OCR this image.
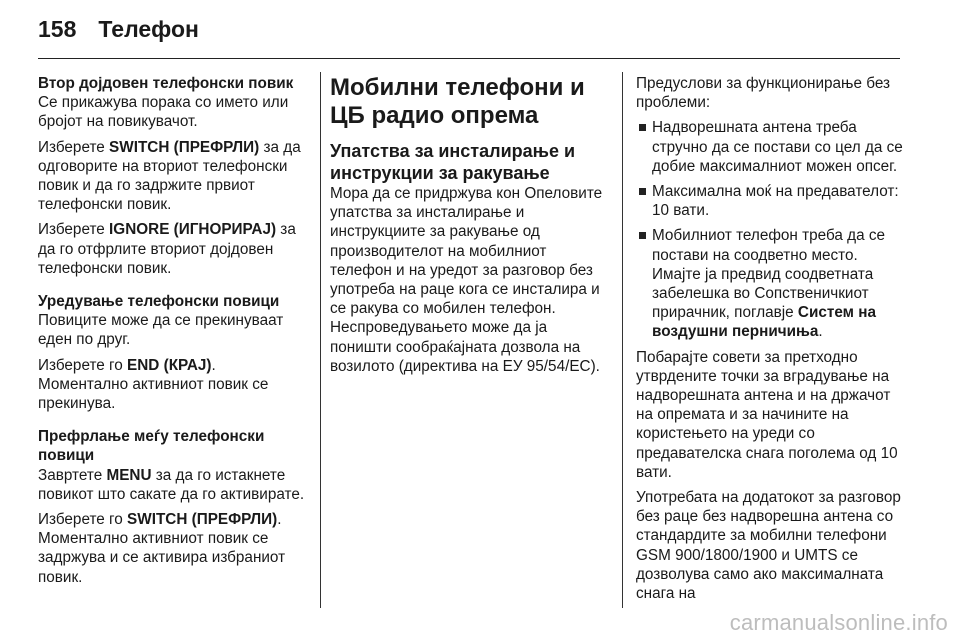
158 Телефон

Втор дојдовен телефонски повик

Се прикажува порака со името или бројот на повикувачот.

Изберете SWITCH (ПРЕФРЛИ) за да одговорите на вториот телефонски повик и да го задржите првиот телефонски повик.

Изберете IGNORE (ИГНОРИРАЈ) за да го отфрлите вториот дојдовен телефонски повик.

Уредување телефонски повици

Повиците може да се прекинуваат еден по друг.

Изберете го END (КРАЈ). Моментално активниот повик се прекинува.

Префрлање меѓу телефонски повици

Завртете MENU за да го истакнете повикот што сакате да го активирате.

Изберете го SWITCH (ПРЕФРЛИ). Моментално активниот повик се задржува и се активира избраниот повик.

Мобилни телефони и ЦБ радио опрема
Упатства за инсталирање и инструкции за ракување

Мора да се придржува кон Опеловите упатства за инсталирање и инструкциите за ракување од производителот на мобилниот телефон и на уредот за разговор без употреба на раце кога се инсталира и се ракува со мобилен телефон.

Неспроведувањето може да ја поништи сообраќајната дозвола на возилото (директива на ЕУ 95/54/ЕС).

Предуслови за функционирање без проблеми:

Надворешната антена треба стручно да се постави со цел да се добие максималниот можен опсег.
Максимална моќ на предавателот: 10 вати.
Мобилниот телефон треба да се постави на соодветно место. Имајте ја предвид соодветната забелешка во Сопственичкиот прирачник, поглавје Систем на воздушни перничиња.

Побарајте совети за претходно утврдените точки за вградување на надворешната антена и на држачот на опремата и за начините на користењето на уреди со предавателска снага поголема од 10 вати.

Употребата на додатокот за разговор без раце без надворешна антена со стандардите за мобилни телефони GSM 900/1800/1900 и UMTS се дозволува само ако максималната снага на

carmanualsonline.info
